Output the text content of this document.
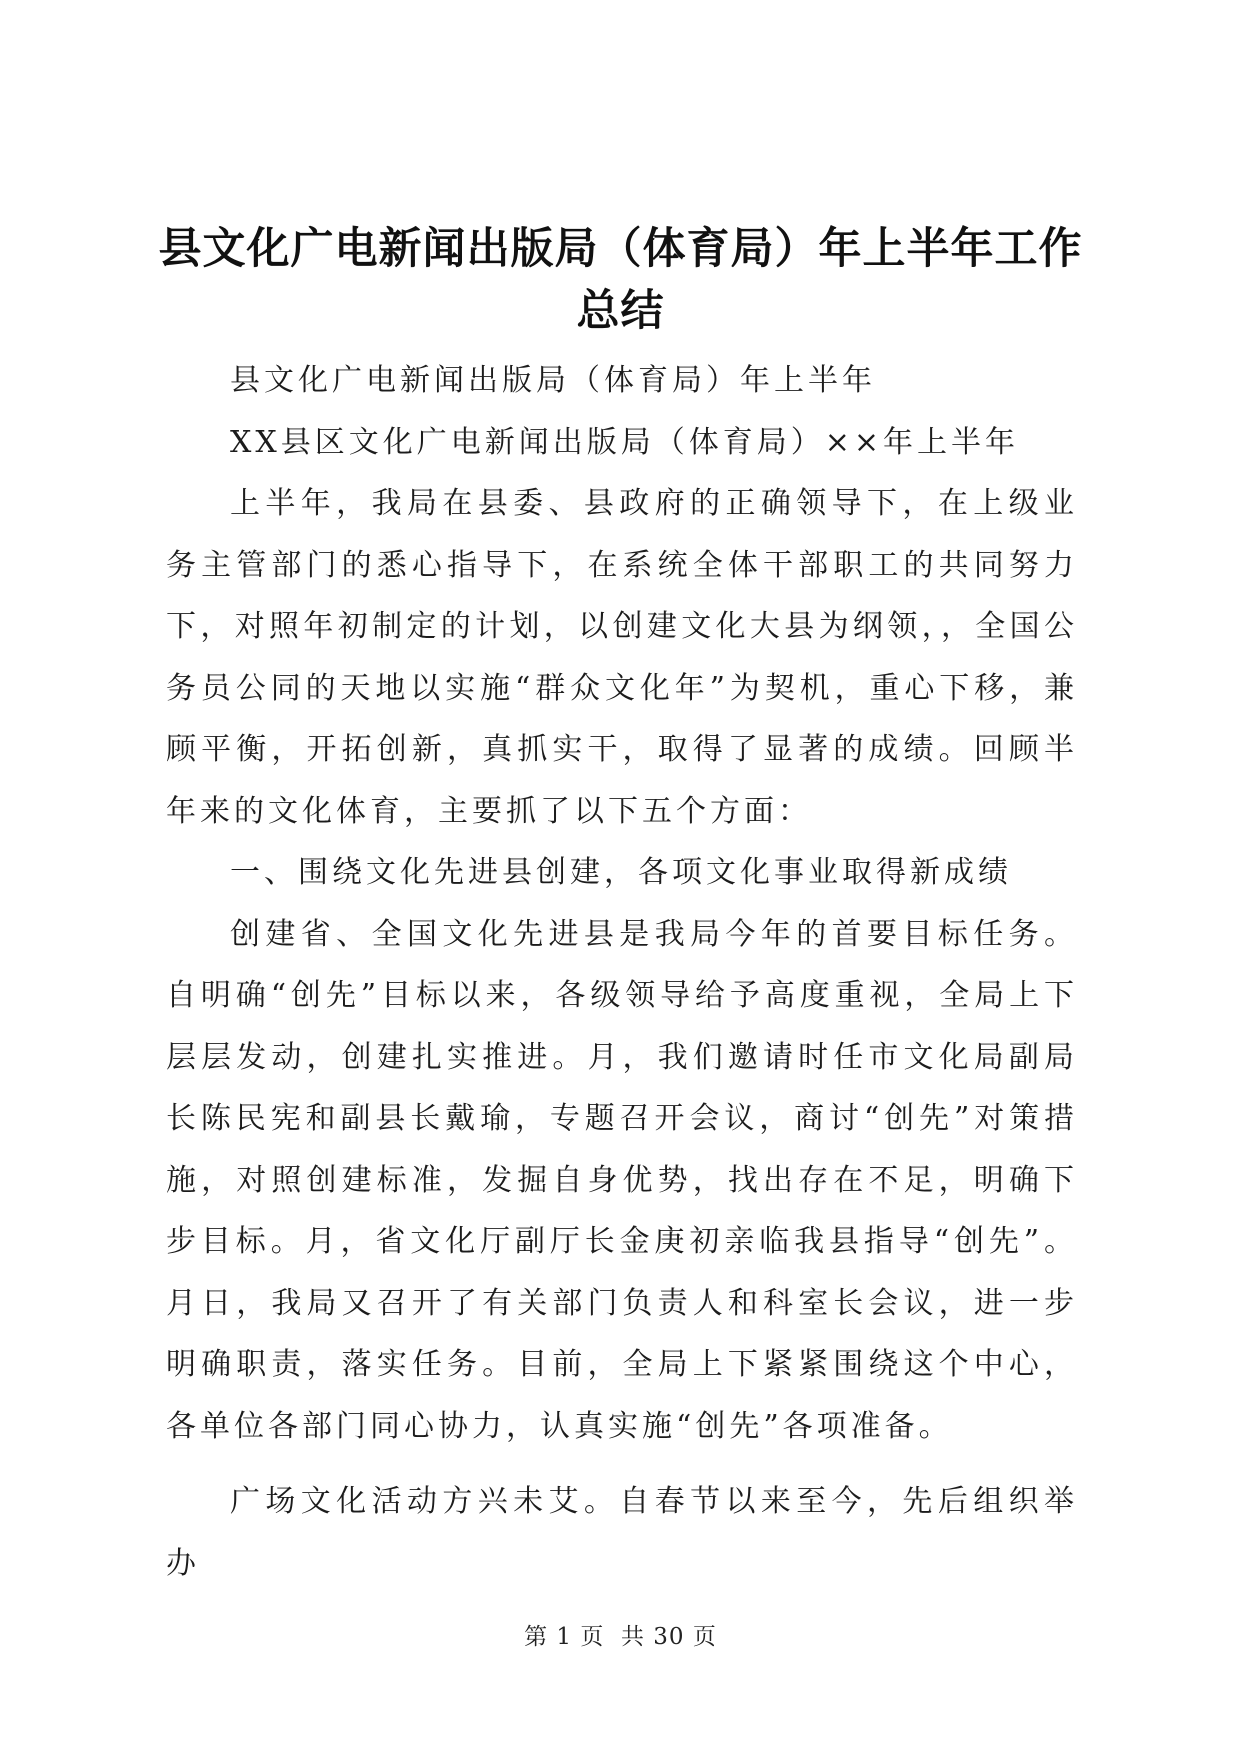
县文化广电新闻出版局（体育局）年上半年工作总结

县文化广电新闻出版局（体育局）年上半年

XX县区文化广电新闻出版局（体育局）××年上半年

上半年，我局在县委、县政府的正确领导下，在上级业务主管部门的悉心指导下，在系统全体干部职工的共同努力下，对照年初制定的计划，以创建文化大县为纲领，，全国公务员公同的天地以实施“群众文化年”为契机，重心下移，兼顾平衡，开拓创新，真抓实干，取得了显著的成绩。回顾半年来的文化体育，主要抓了以下五个方面：

一、围绕文化先进县创建，各项文化事业取得新成绩

创建省、全国文化先进县是我局今年的首要目标任务。自明确“创先”目标以来，各级领导给予高度重视，全局上下层层发动，创建扎实推进。月，我们邀请时任市文化局副局长陈民宪和副县长戴瑜，专题召开会议，商讨“创先”对策措施，对照创建标准，发掘自身优势，找出存在不足，明确下步目标。月，省文化厅副厅长金庚初亲临我县指导“创先”。月日，我局又召开了有关部门负责人和科室长会议，进一步明确职责，落实任务。目前，全局上下紧紧围绕这个中心，各单位各部门同心协力，认真实施“创先”各项准备。

广场文化活动方兴未艾。自春节以来至今，先后组织举办

第 1 页  共 30 页
